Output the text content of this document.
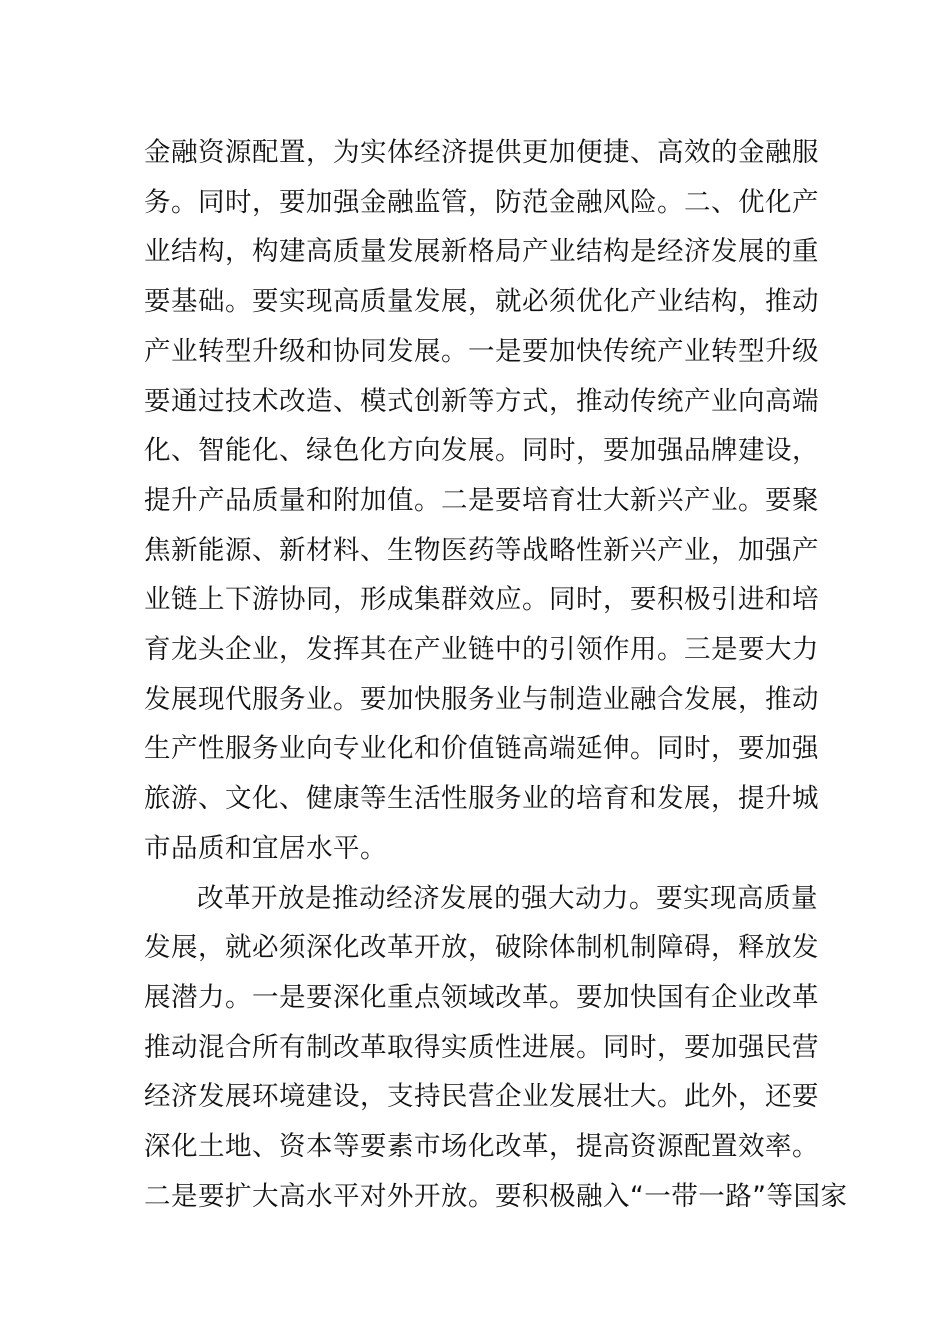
金融资源配置，为实体经济提供更加便捷、高效的金融服
务。同时，要加强金融监管，防范金融风险。二、优化产
业结构，构建高质量发展新格局产业结构是经济发展的重
要基础。要实现高质量发展，就必须优化产业结构，推动
产业转型升级和协同发展。一是要加快传统产业转型升级
要通过技术改造、模式创新等方式，推动传统产业向高端
化、智能化、绿色化方向发展。同时，要加强品牌建设，
提升产品质量和附加值。二是要培育壮大新兴产业。要聚
焦新能源、新材料、生物医药等战略性新兴产业，加强产
业链上下游协同，形成集群效应。同时，要积极引进和培
育龙头企业，发挥其在产业链中的引领作用。三是要大力
发展现代服务业。要加快服务业与制造业融合发展，推动
生产性服务业向专业化和价值链高端延伸。同时，要加强
旅游、文化、健康等生活性服务业的培育和发展，提升城
市品质和宜居水平。
改革开放是推动经济发展的强大动力。要实现高质量
发展，就必须深化改革开放，破除体制机制障碍，释放发
展潜力。一是要深化重点领域改革。要加快国有企业改革
推动混合所有制改革取得实质性进展。同时，要加强民营
经济发展环境建设，支持民营企业发展壮大。此外，还要
深化土地、资本等要素市场化改革，提高资源配置效率。
二是要扩大高水平对外开放。要积极融入“一带一路”等国家
